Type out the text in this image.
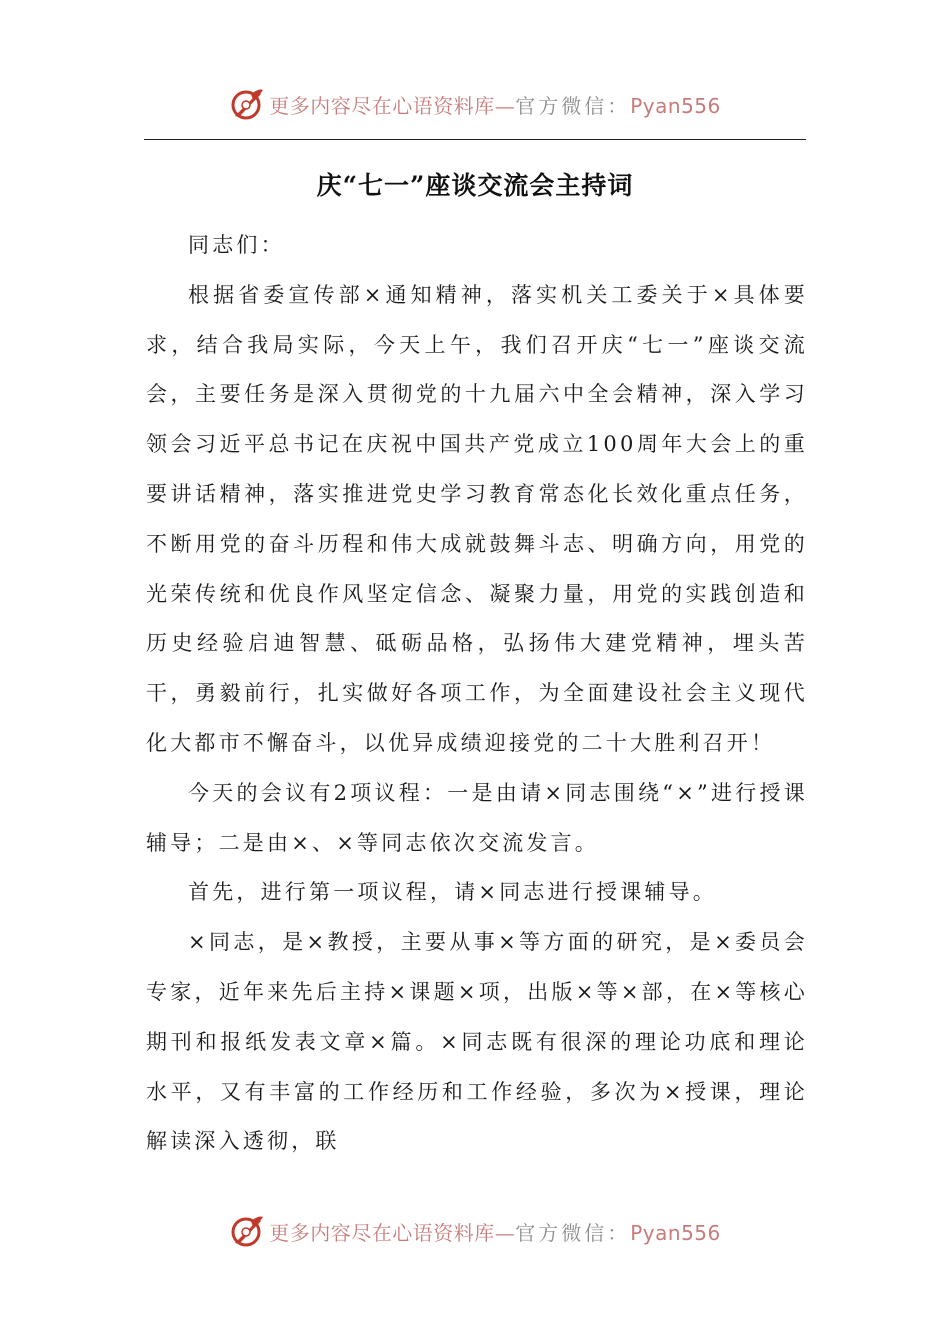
更多内容尽在心语资料库—官方微信：Pyan556
庆“七一”座谈交流会主持词

同志们：

根据省委宣传部×通知精神，落实机关工委关于×具体要求，结合我局实际，今天上午，我们召开庆“七一”座谈交流会，主要任务是深入贯彻党的十九届六中全会精神，深入学习领会习近平总书记在庆祝中国共产党成立100周年大会上的重要讲话精神，落实推进党史学习教育常态化长效化重点任务，不断用党的奋斗历程和伟大成就鼓舞斗志、明确方向，用党的光荣传统和优良作风坚定信念、凝聚力量，用党的实践创造和历史经验启迪智慧、砥砺品格，弘扬伟大建党精神，埋头苦干，勇毅前行，扎实做好各项工作，为全面建设社会主义现代化大都市不懈奋斗，以优异成绩迎接党的二十大胜利召开！

今天的会议有2项议程：一是由请×同志围绕“×”进行授课辅导；二是由×、×等同志依次交流发言。

首先，进行第一项议程，请×同志进行授课辅导。

×同志，是×教授，主要从事×等方面的研究，是×委员会专家，近年来先后主持×课题×项，出版×等×部，在×等核心期刊和报纸发表文章×篇。×同志既有很深的理论功底和理论水平，又有丰富的工作经历和工作经验，多次为×授课，理论解读深入透彻，联

更多内容尽在心语资料库—官方微信：Pyan556
